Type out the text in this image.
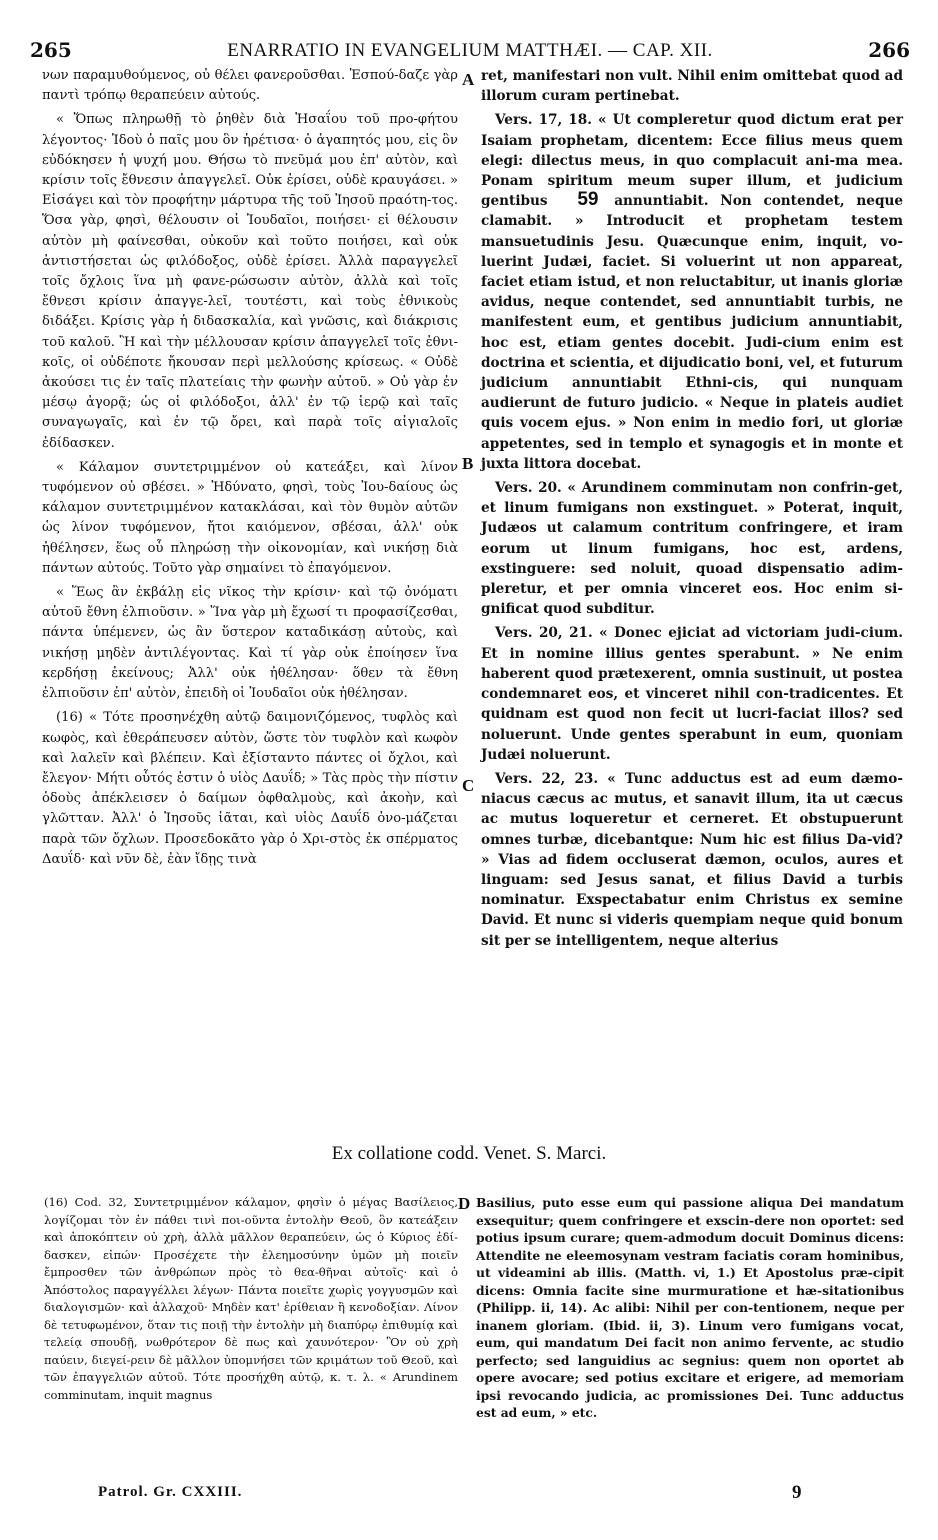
265	ENARRATIO IN EVANGELIUM MATTHÆI. — CAP. XII.	266

νων παραμυθούμενος, οὐ θέλει φανεροῦσθαι. Ἐσπού-δαζε γὰρ παντὶ τρόπῳ θεραπεύειν αὐτούς.

« Ὅπως πληρωθῇ τὸ ῥηθὲν διὰ Ἡσαΐου τοῦ προ-φήτου λέγοντος· Ἰδοὺ ὁ παῖς μου ὃν ἡρέτισα· ὁ ἀγαπητός μου, εἰς ὃν εὐδόκησεν ἡ ψυχή μου. Θήσω τὸ πνεῦμά μου ἐπ' αὐτὸν, καὶ κρίσιν τοῖς ἔθνεσιν ἀπαγγελεῖ. Οὐκ ἐρίσει, οὐδὲ κραυγάσει. » Εἰσάγει καὶ τὸν προφήτην μάρτυρα τῆς τοῦ Ἰησοῦ πραότη-τος. Ὅσα γὰρ, φησὶ, θέλουσιν οἱ Ἰουδαῖοι, ποιήσει· εἰ θέλουσιν αὐτὸν μὴ φαίνεσθαι, οὐκοῦν καὶ τοῦτο ποιήσει, καὶ οὐκ ἀντιστήσεται ὡς φιλόδοξος, οὐδὲ ἐρίσει. Ἀλλὰ παραγγελεῖ τοῖς ὄχλοις ἵνα μὴ φανε-ρώσωσιν αὐτὸν, ἀλλὰ καὶ τοῖς ἔθνεσι κρίσιν ἀπαγγε-λεῖ, τουτέστι, καὶ τοὺς ἐθνικοὺς διδάξει. Κρίσις γὰρ ἡ διδασκαλία, καὶ γνῶσις, καὶ διάκρισις τοῦ καλοῦ. Ἢ καὶ τὴν μέλλουσαν κρίσιν ἀπαγγελεῖ τοῖς ἐθνι-κοῖς, οἱ οὐδέποτε ἤκουσαν περὶ μελλούσης κρίσεως. « Οὐδὲ ἀκούσει τις ἐν ταῖς πλατείαις τὴν φωνὴν αὐτοῦ. » Οὐ γὰρ ἐν μέσῳ ἀγορᾷ; ὡς οἱ φιλόδοξοι, ἀλλ' ἐν τῷ ἱερῷ καὶ ταῖς συναγωγαῖς, καὶ ἐν τῷ ὄρει, καὶ παρὰ τοῖς αἰγιαλοῖς ἐδίδασκεν.

« Κάλαμον συντετριμμένον οὐ κατεάξει, καὶ λίνον τυφόμενον οὐ σβέσει. » Ἠδύνατο, φησὶ, τοὺς Ἰου-δαίους ὡς κάλαμον συντετριμμένον κατακλάσαι, καὶ τὸν θυμὸν αὐτῶν ὡς λίνον τυφόμενον, ἤτοι καιόμενον, σβέσαι, ἀλλ' οὐκ ἠθέλησεν, ἕως οὗ πληρώσῃ τὴν οἰκονομίαν, καὶ νικήσῃ διὰ πάντων αὐτούς. Τοῦτο γὰρ σημαίνει τὸ ἐπαγόμενον.

« Ἕως ἂν ἐκβάλῃ εἰς νῖκος τὴν κρίσιν· καὶ τῷ ὀνόματι αὐτοῦ ἔθνη ἐλπιοῦσιν. » Ἵνα γὰρ μὴ ἔχωσί τι προφασίζεσθαι, πάντα ὑπέμενεν, ὡς ἂν ὕστερον καταδικάσῃ αὐτοὺς, καὶ νικήσῃ μηδὲν ἀντιλέγοντας. Καὶ τί γὰρ οὐκ ἐποίησεν ἵνα κερδήσῃ ἐκείνους; Ἀλλ' οὐκ ἠθέλησαν· ὅθεν τὰ ἔθνη ἐλπιοῦσιν ἐπ' αὐτὸν, ἐπειδὴ οἱ Ἰουδαῖοι οὐκ ἠθέλησαν.

(16) « Τότε προσηνέχθη αὐτῷ δαιμονιζόμενος, τυφλὸς καὶ κωφὸς, καὶ ἐθεράπευσεν αὐτὸν, ὥστε τὸν τυφλὸν καὶ κωφὸν καὶ λαλεῖν καὶ βλέπειν. Καὶ ἐξίσταντο πάντες οἱ ὄχλοι, καὶ ἔλεγον· Μήτι οὗτός ἐστιν ὁ υἱὸς Δαυΐδ; » Τὰς πρὸς τὴν πίστιν ὁδοὺς ἀπέκλεισεν ὁ δαίμων ὀφθαλμοὺς, καὶ ἀκοὴν, καὶ γλῶτταν. Ἀλλ' ὁ Ἰησοῦς ἰᾶται, καὶ υἱὸς Δαυΐδ ὀνο-μάζεται παρὰ τῶν ὄχλων. Προσεδοκᾶτο γὰρ ὁ Χρι-στὸς ἐκ σπέρματος Δαυΐδ· καὶ νῦν δὲ, ἐὰν ἴδῃς τινὰ

ret, manifestari non vult. Nihil enim omittebat quod ad illorum curam pertinebat.

Vers. 17, 18. « Ut compleretur quod dictum erat per Isaiam prophetam, dicentem: Ecce filius meus quem elegi: dilectus meus, in quo complacuit ani-ma mea. Ponam spiritum meum super illum, et judicium gentibus 59 annuntiabit. Non contendet, neque clamabit. » Introducit et prophetam testem mansuetudinis Jesu. Quæcunque enim, inquit, vo-luerint Judæi, faciet. Si voluerint ut non appareat, faciet etiam istud, et non reluctabitur, ut inanis gloriæ avidus, neque contendet, sed annuntiabit turbis, ne manifestent eum, et gentibus judicium annuntiabit, hoc est, etiam gentes docebit. Judi-cium enim est doctrina et scientia, et dijudicatio boni, vel, et futurum judicium annuntiabit Ethni-cis, qui nunquam audierunt de futuro judicio. « Neque in plateis audiet quis vocem ejus. » Non enim in medio fori, ut gloriæ appetentes, sed in templo et synagogis et in monte et juxta littora docebat.

Vers. 20. « Arundinem comminutam non confrin-get, et linum fumigans non exstinguet. » Poterat, inquit, Judæos ut calamum contritum confringere, et iram eorum ut linum fumigans, hoc est, ardens, exstinguere: sed noluit, quoad dispensatio adim-pleretur, et per omnia vinceret eos. Hoc enim si-gnificat quod subditur.

Vers. 20, 21. « Donec ejiciat ad victoriam judi-cium. Et in nomine illius gentes sperabunt. » Ne enim haberent quod prætexerent, omnia sustinuit, ut postea condemnaret eos, et vinceret nihil con-tradicentes. Et quidnam est quod non fecit ut lucri-faciat illos? sed noluerunt. Unde gentes sperabunt in eum, quoniam Judæi noluerunt.

Vers. 22, 23. « Tunc adductus est ad eum dæmo-niacus cæcus ac mutus, et sanavit illum, ita ut cæcus ac mutus loqueretur et cerneret. Et obstupuerunt omnes turbæ, dicebantque: Num hic est filius Da-vid? » Vias ad fidem occluserat dæmon, oculos, aures et linguam: sed Jesus sanat, et filius David a turbis nominatur. Exspectabatur enim Christus ex semine David. Et nunc si videris quempiam neque quid bonum sit per se intelligentem, neque alterius

A
B
C
D
Ex collatione codd. Venet. S. Marci.

(16) Cod. 32, Συντετριμμένον κάλαμον, φησὶν ὁ μέγας Βασίλειος, λογίζομαι τὸν ἐν πάθει τινὶ ποι-οῦντα ἐντολὴν Θεοῦ, ὃν κατεάξειν καὶ ἀποκόπτειν οὐ χρὴ, ἀλλὰ μᾶλλον θεραπεύειν, ὡς ὁ Κύριος ἐδί-δασκεν, εἰπών· Προσέχετε τὴν ἐλεημοσύνην ὑμῶν μὴ ποιεῖν ἔμπροσθεν τῶν ἀνθρώπων πρὸς τὸ θεα-θῆναι αὐτοῖς· καὶ ὁ Ἀπόστολος παραγγέλλει λέγων· Πάντα ποιεῖτε χωρὶς γογγυσμῶν καὶ διαλογισμῶν· καὶ ἀλλαχοῦ· Μηδὲν κατ' ἐρίθειαν ἢ κενοδοξίαν. Λίνον δὲ τετυφωμένον, ὅταν τις ποιῇ τὴν ἐντολὴν μὴ διαπύρῳ ἐπιθυμίᾳ καὶ τελείᾳ σπουδῇ, νωθρότερον δὲ πως καὶ χαυνότερον· Ὃν οὐ χρὴ παύειν, διεγεί-ρειν δὲ μᾶλλον ὑπομνήσει τῶν κριμάτων τοῦ Θεοῦ, καὶ τῶν ἐπαγγελιῶν αὐτοῦ. Τότε προσήχθη αὐτῷ, κ. τ. λ. « Arundinem comminutam, inquit magnus

Basilius, puto esse eum qui passione aliqua Dei mandatum exsequitur; quem confringere et exscin-dere non oportet: sed potius ipsum curare; quem-admodum docuit Dominus dicens: Attendite ne eleemosynam vestram faciatis coram hominibus, ut videamini ab illis. (Matth. vi, 1.) Et Apostolus præ-cipit dicens: Omnia facite sine murmurationе et hæ-sitationibus (Philipp. ii, 14). Ac alibi: Nihil per con-tentionem, neque per inanem gloriam. (Ibid. ii, 3). Linum vero fumigans vocat, eum, qui mandatum Dei facit non animo fervente, ac studio perfecto; sed languidius ac segnius: quem non oportet ab opere avocare; sed potius excitare et erigere, ad memoriam ipsi revocando judicia, ac promissiones Dei. Tunc adductus est ad eum, » etc.

Patrol. Gr. CXXIII.	9
